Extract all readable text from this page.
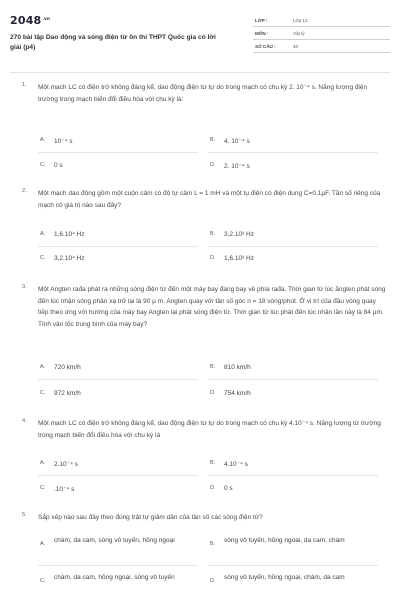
$2048^{.vn}$
270 bài tập Dao động và sóng điện từ ôn thi THPT Quốc gia có lời giải (p4)
LỚP :	Lớp 12
MÔN :	Vật lý
SỐ CÂU :	40
1. Một mạch LC có điện trở không đáng kể, dao động điện từ tự do trong mạch có chu kỳ 2. 10⁻⁴ s. Năng lượng điện trường trong mạch biến đổi điều hòa với chu kỳ là:
A. 10⁻⁴ s	B. 4. 10⁻⁴ s
C. 0 s	D. 2. 10⁻⁴ s
2. Một mạch dao động gồm một cuộn cảm có độ tự cảm L = 1 mH và một tụ điện có điện dung C=0,1μF. Tần số riêng của mạch có giá trị nào sau đây?
A. 1,6.10⁴ Hz	B. 3,2.10³ Hz
C. 3,2.10⁴ Hz	D. 1,6.10³ Hz
3. Một Angten rađa phát ra những sóng điện từ đến một máy bay đang bay về phía rađa. Thời gian từ lúc ăngten phát sóng đến lúc nhận sóng phản xạ trở lại là 90 μ m. Angten quay với tần số góc n = 18 vòng/phút. Ở vị trí của đầu vòng quay tiếp theo ứng với hướng của máy bay Angten lại phát sóng điện từ. Thời gian từ lúc phát đến lúc nhận lần này là 84 μm. Tính vận tốc trung bình của máy bay?
A. 720 km/h	B. 810 km/h
C. 972 km/h	D. 754 km/h
4. Một mạch LC có điện trở không đáng kể, dao động điện từ tự do trong mạch có chu kỳ 4.10⁻⁴ s. Năng lượng từ trường trong mạch biến đổi điều hòa với chu kỳ là
A. 2.10⁻⁴ s	B. 4.10⁻⁴ s
C. .10⁻⁴ s	D. 0 s
5. Sắp xếp nào sau đây theo đúng trật tự giảm dần của tần số các sóng điện từ?
A. chàm, da cam, sóng vô tuyến, hồng ngoại	B. sóng vô tuyến, hồng ngoại, da cam, chàm
C. chàm, da cam, hồng ngoại, sóng vô tuyến	D. sóng vô tuyến, hồng ngoại, chàm, da cam
